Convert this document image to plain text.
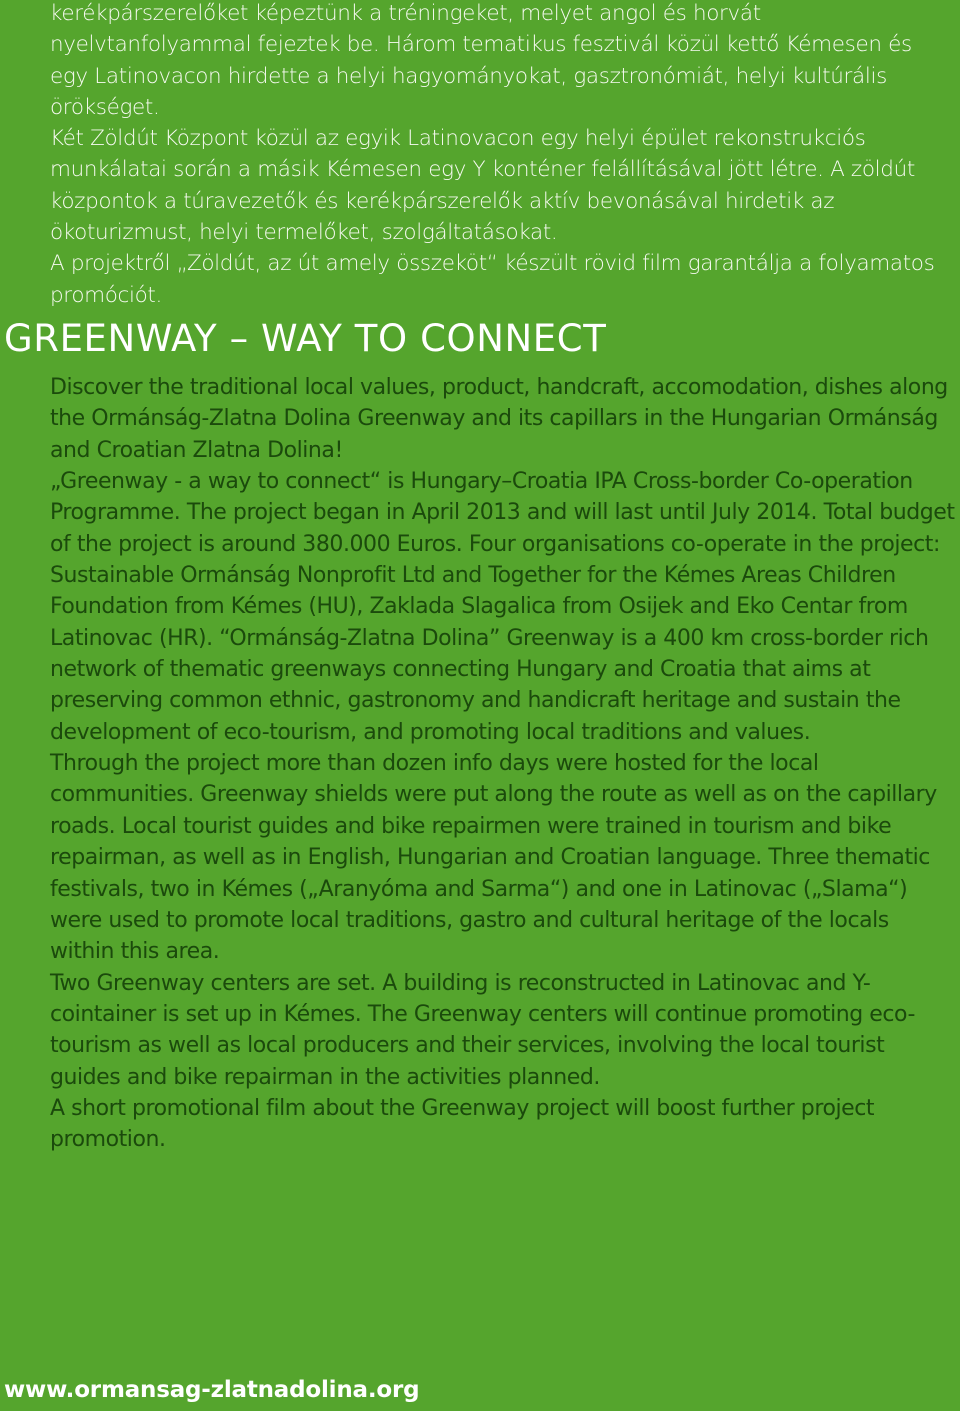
kerékpárszerelőket képeztünk a tréningeket, melyet angol és horvát nyelvtanfolyammal fejeztek be. Három tematikus fesztivál közül kettő Kémesen és egy Latinovacon hirdette a helyi hagyományokat, gasztronómiát, helyi kultúrális örökséget.

Két Zöldút Központ közül az egyik Latinovacon egy helyi épület rekonstrukciós munkálatai során a másik Kémesen egy Y konténer felállításával jött létre. A zöldút központok a túravezetők és kerékpárszerelők aktív bevonásával hirdetik az ökoturizmust, helyi termelőket, szolgáltatásokat.

A projektről „Zöldút, az út amely összeköt“ készült rövid film garantálja a folyamatos promóciót.

GREENWAY – WAY TO CONNECT

Discover the traditional local values, product, handcraft, accomodation, dishes along the Ormánság-Zlatna Dolina Greenway and its capillars in the Hungarian Ormánság and Croatian Zlatna Dolina!

„Greenway - a way to connect“ is Hungary–Croatia IPA Cross-border Co-operation Programme. The project began in April 2013 and will last until July 2014. Total budget of the project is around 380.000 Euros. Four organisations co-operate in the project: Sustainable Ormánság Nonprofit Ltd and Together for the Kémes Areas Children Foundation from Kémes (HU), Zaklada Slagalica from Osijek and Eko Centar from Latinovac (HR). “Ormánság-Zlatna Dolina” Greenway is a 400 km cross-border rich network of thematic greenways connecting Hungary and Croatia that aims at preserving common ethnic, gastronomy and handicraft heritage and sustain the development of eco-tourism, and promoting local traditions and values.

Through the project more than dozen info days were hosted for the local communities. Greenway shields were put along the route as well as on the capillary roads. Local tourist guides and bike repairmen were trained in tourism and bike repairman, as well as in English, Hungarian and Croatian language. Three thematic festivals, two in Kémes („Aranyóma and Sarma“) and one in Latinovac („Slama“) were used to promote local traditions, gastro and cultural heritage of the locals within this area.

Two Greenway centers are set. A building is reconstructed in Latinovac and Y-cointainer is set up in Kémes. The Greenway centers will continue promoting eco-tourism as well as local producers and their services, involving the local tourist guides and bike repairman in the activities planned.

A short promotional film about the Greenway project will boost further project promotion.

www.ormansag-zlatnadolina.org
